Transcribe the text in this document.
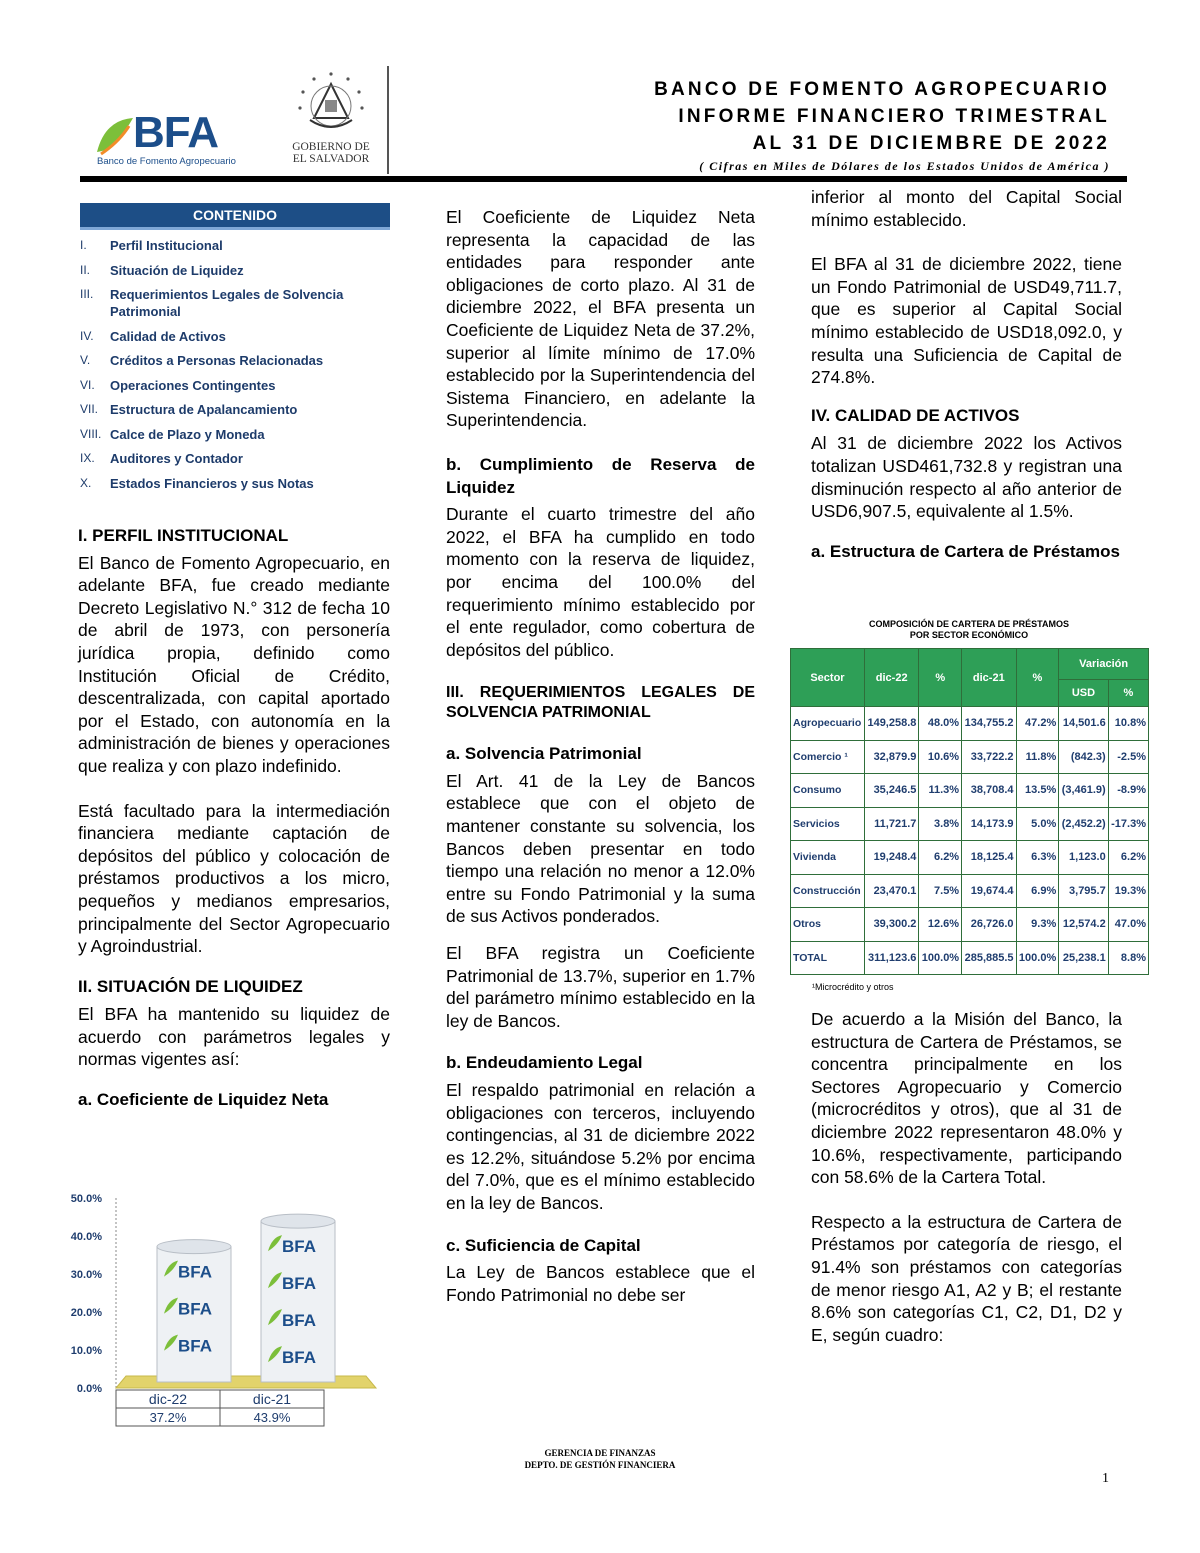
BFA
Banco de Fomento Agropecuario
GOBIERNO DE
EL SALVADOR
BANCO DE FOMENTO AGROPECUARIO
INFORME FINANCIERO TRIMESTRAL
AL 31 DE DICIEMBRE DE 2022
( Cifras en Miles de Dólares de los Estados Unidos de América )
CONTENIDO
I.	Perfil Institucional
II.	Situación de Liquidez
III.	Requerimientos Legales de Solvencia Patrimonial
IV.	Calidad de Activos
V.	Créditos a Personas Relacionadas
VI.	Operaciones Contingentes
VII. Estructura de Apalancamiento
VIII. Calce de Plazo y Moneda
IX.	Auditores y Contador
X.	Estados Financieros y sus Notas

I. PERFIL INSTITUCIONAL

El Banco de Fomento Agropecuario, en adelante BFA, fue creado mediante Decreto Legislativo N.° 312 de fecha 10 de abril de 1973, con personería jurídica propia, definido como Institución Oficial de Crédito, descentralizada, con capital aportado por el Estado, con autonomía en la administración de bienes y operaciones que realiza y con plazo indefinido.

Está facultado para la intermediación financiera mediante captación de depósitos del público y colocación de préstamos productivos a los micro, pequeños y medianos empresarios, principalmente del Sector Agropecuario y Agroindustrial.

II. SITUACIÓN DE LIQUIDEZ

El BFA ha mantenido su liquidez de acuerdo con parámetros legales y normas vigentes así:

a. Coeficiente de Liquidez Neta

0.0%
10.0%
20.0%
30.0%
40.0%
50.0%
BFA
BFA
BFA
BFA
BFA
BFA
BFA
dic-22
37.2%
dic-21
43.9%

El Coeficiente de Liquidez Neta representa la capacidad de las entidades para responder ante obligaciones de corto plazo. Al 31 de diciembre 2022, el BFA presenta un Coeficiente de Liquidez Neta de 37.2%, superior al límite mínimo de 17.0% establecido por la Superintendencia del Sistema Financiero, en adelante la Superintendencia.

b. Cumplimiento de Reserva de Liquidez

Durante el cuarto trimestre del año 2022, el BFA ha cumplido en todo momento con la reserva de liquidez, por encima del 100.0% del requerimiento mínimo establecido por el ente regulador, como cobertura de depósitos del público.

III. REQUERIMIENTOS LEGALES DE SOLVENCIA PATRIMONIAL

a. Solvencia Patrimonial

El Art. 41 de la Ley de Bancos establece que con el objeto de mantener constante su solvencia, los Bancos deben presentar en todo tiempo una relación no menor a 12.0% entre su Fondo Patrimonial y la suma de sus Activos ponderados.

El BFA registra un Coeficiente Patrimonial de 13.7%, superior en 1.7% del parámetro mínimo establecido en la ley de Bancos.

b. Endeudamiento Legal

El respaldo patrimonial en relación a obligaciones con terceros, incluyendo contingencias, al 31 de diciembre 2022 es 12.2%, situándose 5.2% por encima del 7.0%, que es el mínimo establecido en la ley de Bancos.

c. Suficiencia de Capital

La Ley de Bancos establece que el Fondo Patrimonial no debe ser

inferior al monto del Capital Social mínimo establecido.

El BFA al 31 de diciembre 2022, tiene un Fondo Patrimonial de USD49,711.7, que es superior al Capital Social mínimo establecido de USD18,092.0, y resulta una Suficiencia de Capital de 274.8%.

IV. CALIDAD DE ACTIVOS

Al 31 de diciembre 2022 los Activos totalizan USD461,732.8 y registran una disminución respecto al año anterior de USD6,907.5, equivalente al 1.5%.

a. Estructura de Cartera de Préstamos

COMPOSICIÓN DE CARTERA DE PRÉSTAMOS
POR SECTOR ECONÓMICO
Sector	dic-22	%	dic-21	%	Variación	
					USD	%
Agropecuario	149,258.8	48.0%	134,755.2	47.2%	14,501.6	10.8%
Comercio ¹	32,879.9	10.6%	33,722.2	11.8%	(842.3)	-2.5%
Consumo	35,246.5	11.3%	38,708.4	13.5%	(3,461.9)	-8.9%
Servicios	11,721.7	3.8%	14,173.9	5.0%	(2,452.2)	-17.3%
Vivienda	19,248.4	6.2%	18,125.4	6.3%	1,123.0	6.2%
Construcción	23,470.1	7.5%	19,674.4	6.9%	3,795.7	19.3%
Otros	39,300.2	12.6%	26,726.0	9.3%	12,574.2	47.0%
TOTAL	311,123.6	100.0%	285,885.5	100.0%	25,238.1	8.8%
¹Microcrédito y otros

De acuerdo a la Misión del Banco, la estructura de Cartera de Préstamos, se concentra principalmente en los Sectores Agropecuario y Comercio (microcréditos y otros), que al 31 de diciembre 2022 representaron 48.0% y 10.6%, respectivamente, participando con 58.6% de la Cartera Total.

Respecto a la estructura de Cartera de Préstamos por categoría de riesgo, el 91.4% son préstamos con categorías de menor riesgo A1, A2 y B; el restante 8.6% son categorías C1, C2, D1, D2 y E, según cuadro:

GERENCIA DE FINANZAS
DEPTO. DE GESTIÓN FINANCIERA
1
